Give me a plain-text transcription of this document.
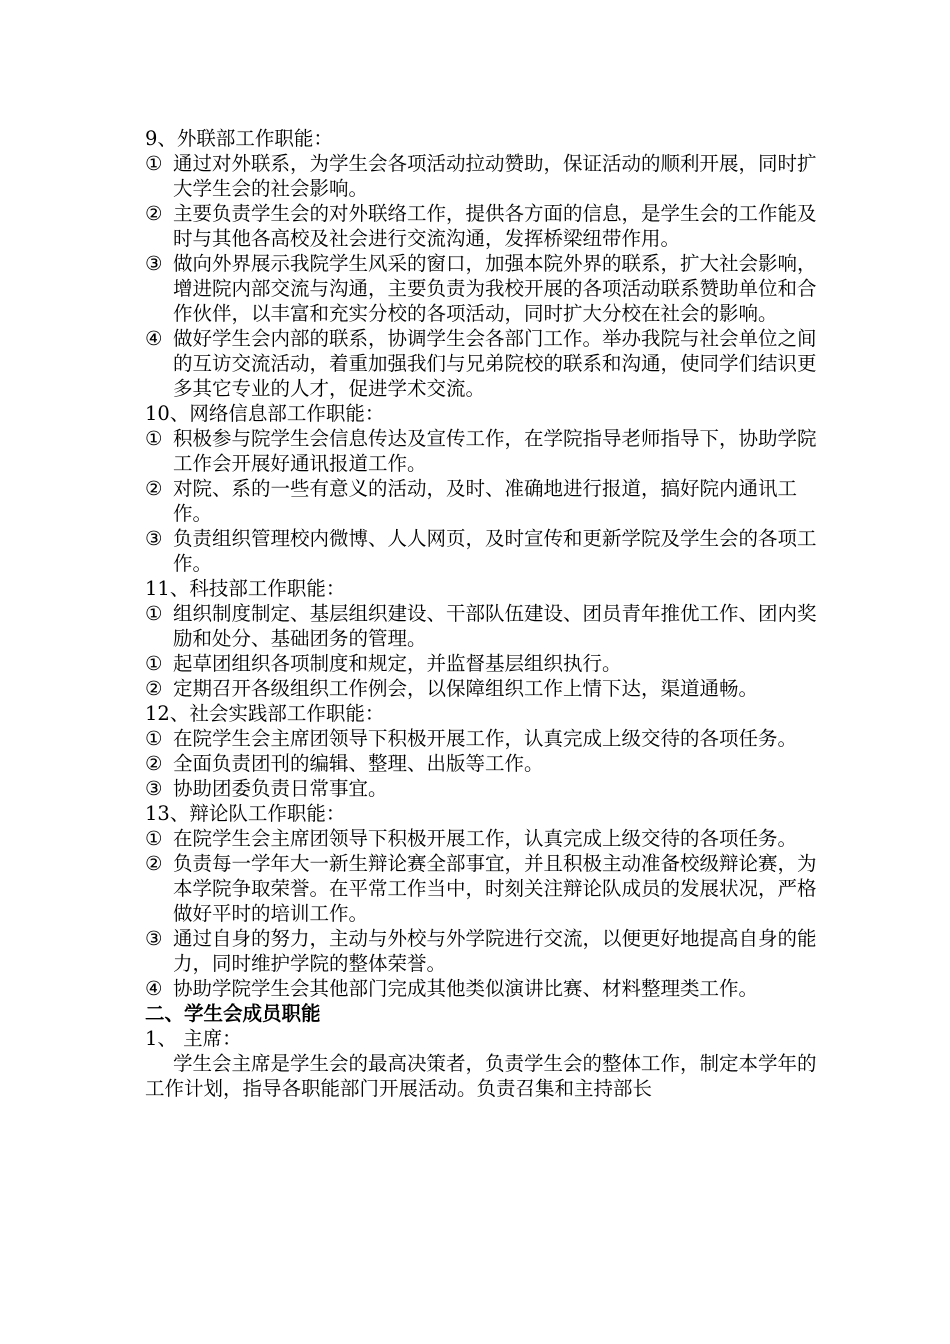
9、外联部工作职能：

① 通过对外联系，为学生会各项活动拉动赞助，保证活动的顺利开展，同时扩大学生会的社会影响。

② 主要负责学生会的对外联络工作，提供各方面的信息，是学生会的工作能及时与其他各高校及社会进行交流沟通，发挥桥梁纽带作用。

③ 做向外界展示我院学生风采的窗口，加强本院外界的联系，扩大社会影响，增进院内部交流与沟通，主要负责为我校开展的各项活动联系赞助单位和合作伙伴，以丰富和充实分校的各项活动，同时扩大分校在社会的影响。

④ 做好学生会内部的联系，协调学生会各部门工作。举办我院与社会单位之间的互访交流活动，着重加强我们与兄弟院校的联系和沟通，使同学们结识更多其它专业的人才，促进学术交流。

10、网络信息部工作职能：

① 积极参与院学生会信息传达及宣传工作，在学院指导老师指导下，协助学院工作会开展好通讯报道工作。

② 对院、系的一些有意义的活动，及时、准确地进行报道，搞好院内通讯工作。

③ 负责组织管理校内微博、人人网页，及时宣传和更新学院及学生会的各项工作。

11、科技部工作职能：

① 组织制度制定、基层组织建设、干部队伍建设、团员青年推优工作、团内奖励和处分、基础团务的管理。

① 起草团组织各项制度和规定，并监督基层组织执行。

② 定期召开各级组织工作例会，以保障组织工作上情下达，渠道通畅。

12、社会实践部工作职能：

① 在院学生会主席团领导下积极开展工作，认真完成上级交待的各项任务。

② 全面负责团刊的编辑、整理、出版等工作。

③ 协助团委负责日常事宜。

13、辩论队工作职能：

① 在院学生会主席团领导下积极开展工作，认真完成上级交待的各项任务。

② 负责每一学年大一新生辩论赛全部事宜，并且积极主动准备校级辩论赛，为本学院争取荣誉。在平常工作当中，时刻关注辩论队成员的发展状况，严格做好平时的培训工作。

③ 通过自身的努力，主动与外校与外学院进行交流，以便更好地提高自身的能力，同时维护学院的整体荣誉。

④ 协助学院学生会其他部门完成其他类似演讲比赛、材料整理类工作。

二、学生会成员职能

1、 主席：

学生会主席是学生会的最高决策者，负责学生会的整体工作，制定本学年的工作计划，指导各职能部门开展活动。负责召集和主持部长
